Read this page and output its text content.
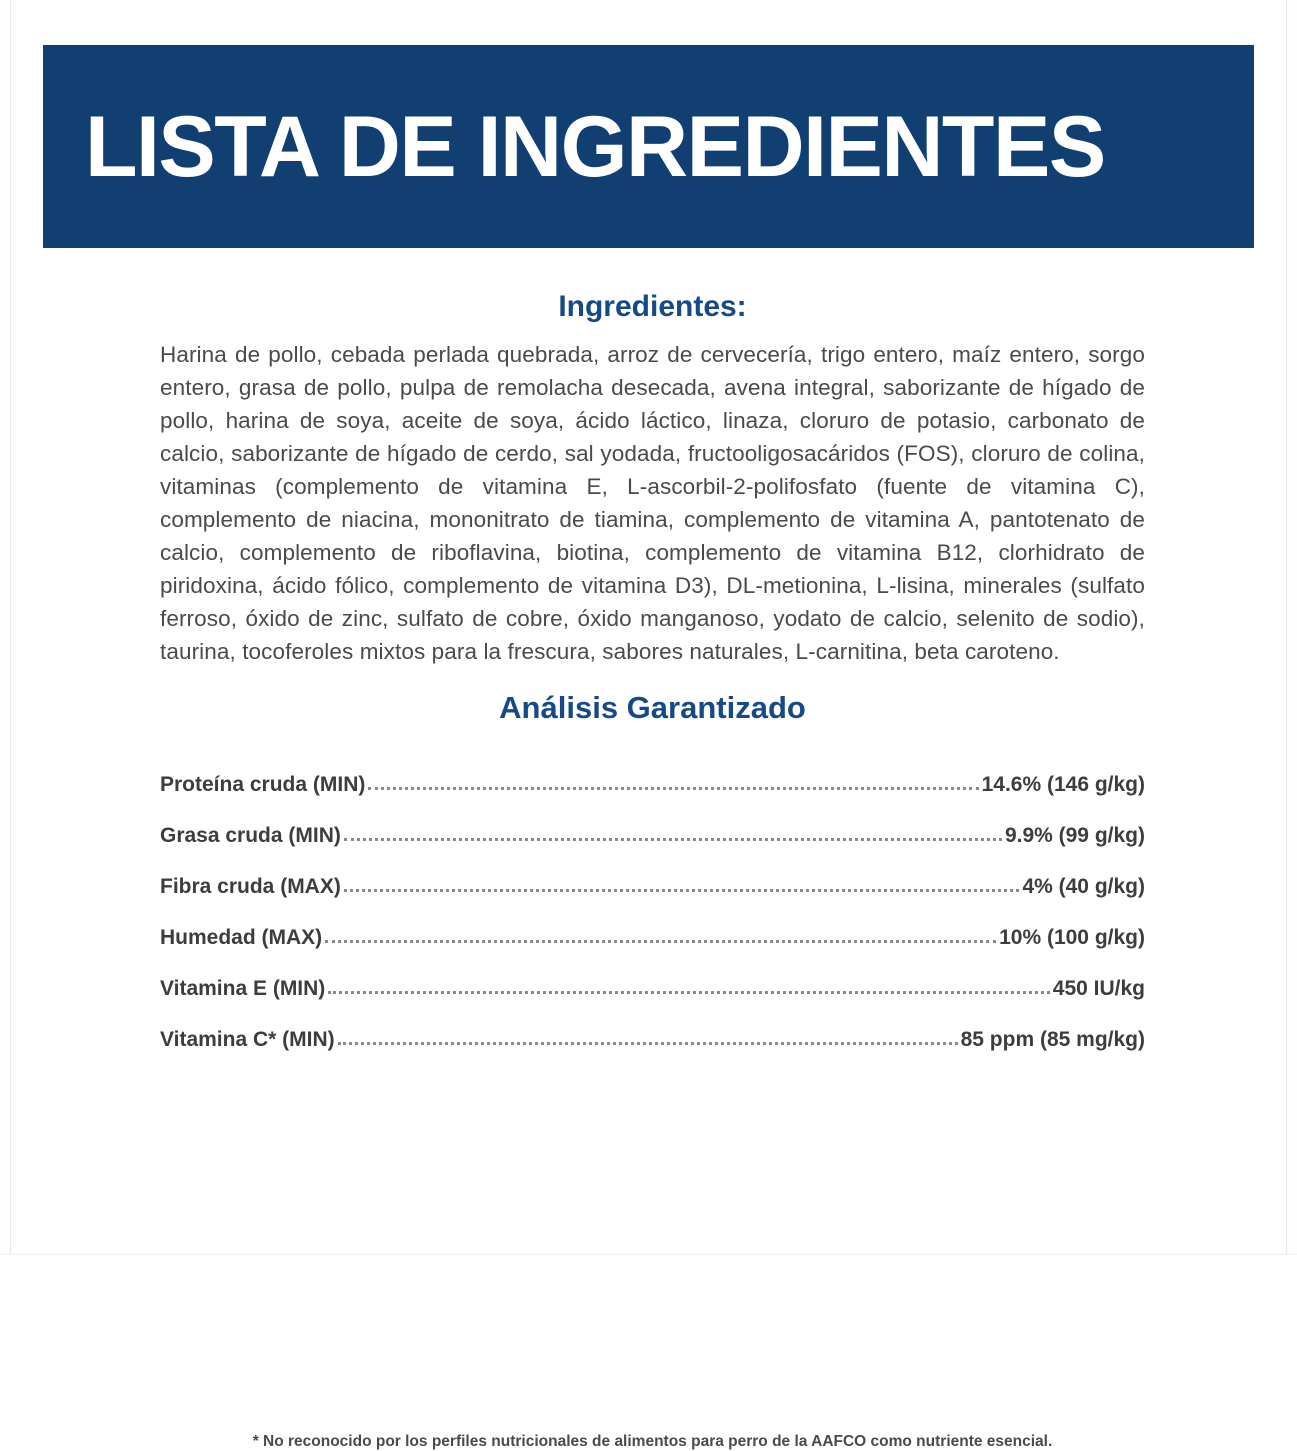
LISTA DE INGREDIENTES
Ingredientes:
Harina de pollo, cebada perlada quebrada, arroz de cervecería, trigo entero, maíz entero, sorgo entero, grasa de pollo, pulpa de remolacha desecada, avena integral, saborizante de hígado de pollo, harina de soya, aceite de soya, ácido láctico, linaza, cloruro de potasio, carbonato de calcio, saborizante de hígado de cerdo, sal yodada, fructooligosacáridos (FOS), cloruro de colina, vitaminas (complemento de vitamina E, L-ascorbil-2-polifosfato (fuente de vitamina C), complemento de niacina, mononitrato de tiamina, complemento de vitamina A, pantotenato de calcio, complemento de riboflavina, biotina, complemento de vitamina B12, clorhidrato de piridoxina, ácido fólico, complemento de vitamina D3), DL-metionina, L-lisina, minerales (sulfato ferroso, óxido de zinc, sulfato de cobre, óxido manganoso, yodato de calcio, selenito de sodio), taurina, tocoferoles mixtos para la frescura, sabores naturales, L-carnitina, beta caroteno.
Análisis Garantizado
Proteína cruda (MIN)	14.6% (146 g/kg)
Grasa cruda (MIN)	9.9% (99 g/kg)
Fibra cruda (MAX)	4% (40 g/kg)
Humedad (MAX)	10% (100 g/kg)
Vitamina E (MIN)	450 IU/kg
Vitamina C* (MIN)	85 ppm (85 mg/kg)
* No reconocido por los perfiles nutricionales de alimentos para perro de la AAFCO como nutriente esencial.
